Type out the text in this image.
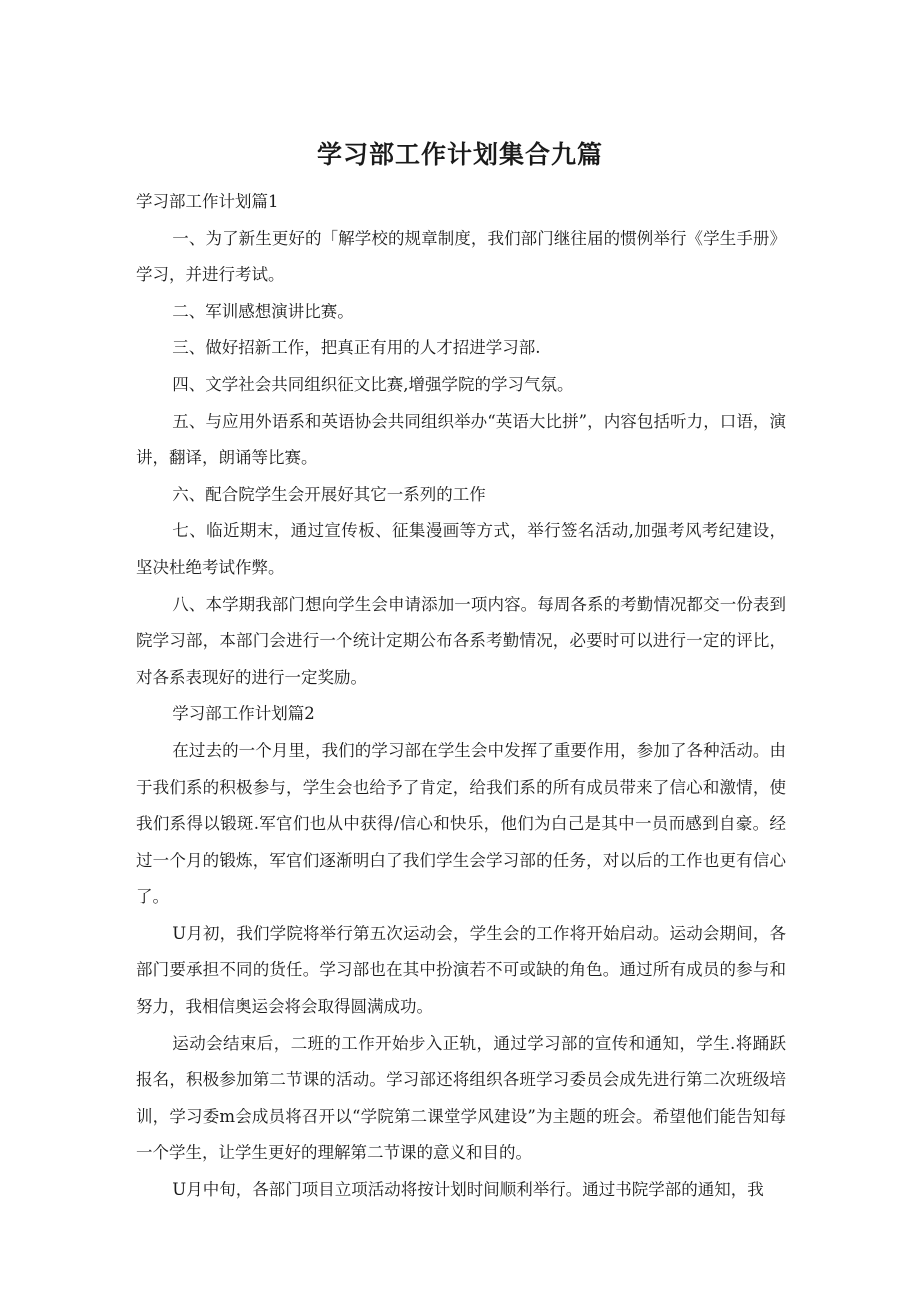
学习部工作计划集合九篇

学习部工作计划篇1

一、为了新生更好的「解学校的规章制度，我们部门继往届的惯例举行《学生手册》学习，并进行考试。

二、军训感想演讲比赛。

三、做好招新工作，把真正有用的人才招进学习部.

四、文学社会共同组织征文比赛,增强学院的学习气氛。

五、与应用外语系和英语协会共同组织举办“英语大比拼”，内容包括听力，口语，演讲，翻译，朗诵等比赛。

六、配合院学生会开展好其它一系列的工作

七、临近期末，通过宣传板、征集漫画等方式，举行签名活动,加强考风考纪建设，坚决杜绝考试作弊。

八、本学期我部门想向学生会申请添加一项内容。每周各系的考勤情况都交一份表到院学习部，本部门会进行一个统计定期公布各系考勤情况，必要时可以进行一定的评比，对各系表现好的进行一定奖励。

学习部工作计划篇2

在过去的一个月里，我们的学习部在学生会中发挥了重要作用，参加了各种活动。由于我们系的积极参与，学生会也给予了肯定，给我们系的所有成员带来了信心和激情，使我们系得以锻斑.军官们也从中获得/信心和快乐，他们为白己是其中一员而感到自豪。经过一个月的锻炼，军官们逐渐明白了我们学生会学习部的任务，对以后的工作也更有信心了。

U月初，我们学院将举行第五次运动会，学生会的工作将开始启动。运动会期间，各部门要承担不同的货任。学习部也在其中扮演若不可或缺的角色。通过所有成员的参与和努力，我相信奥运会将会取得圆满成功。

运动会结束后，二班的工作开始步入正轨，通过学习部的宣传和通知，学生.将踊跃报名，积极参加第二节课的活动。学习部还将组织各班学习委员会成先进行第二次班级培训，学习委m会成员将召开以“学院第二课堂学风建设”为主题的班会。希望他们能告知每一个学生，让学生更好的理解第二节课的意义和目的。

U月中旬，各部门项目立项活动将按计划时间顺利举行。通过书院学部的通知，我
